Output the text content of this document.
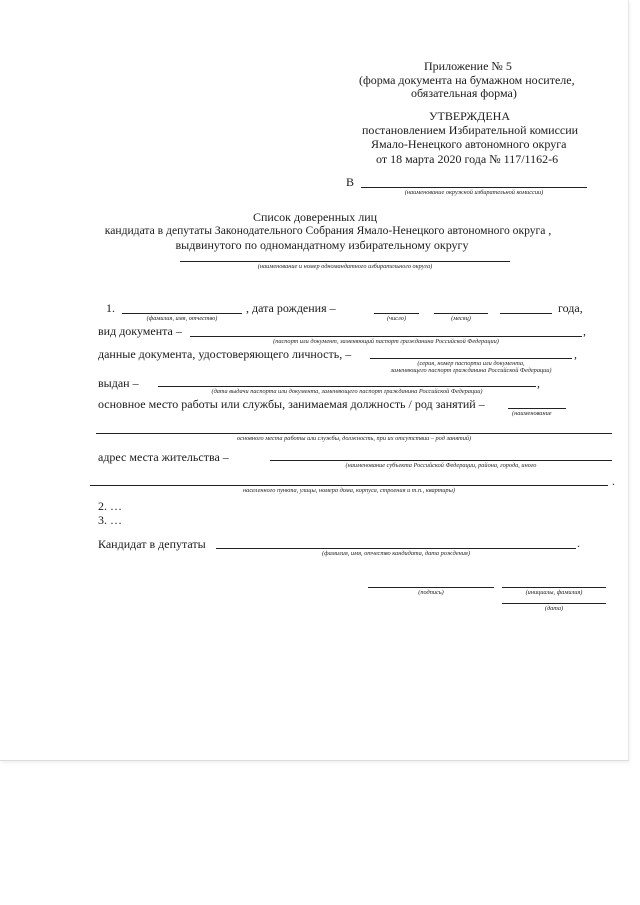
Приложение № 5
(форма документа на бумажном носителе,
обязательная форма)
УТВЕРЖДЕНА
постановлением Избирательной комиссии
Ямало-Ненецкого автономного округа
от 18 марта 2020 года № 117/1162-6
В
(наименование окружной избирательной комиссии)
Список доверенных лиц
кандидата в депутаты Законодательного Собрания Ямало-Ненецкого автономного округа ,
выдвинутого по одномандатному избирательному округу
(наименование и номер одномандатного избирательного округа)
1.	, дата рождения –	года,
(фамилия, имя, отчество)	(число)	(месяц)
вид документа –	,
(паспорт или документ, заменяющий паспорт гражданина Российской Федерации)
данные документа, удостоверяющего личность, –	,
(серия, номер паспорта или документа,
заменяющего паспорт гражданина Российской Федерации)
выдан –	,
(дата выдачи паспорта или документа, заменяющего паспорт гражданина Российской Федерации)
основное место работы или службы, занимаемая должность / род занятий –
(наименование
основного места работы или службы, должность, при их отсутствии – род занятий)
адрес места жительства –
(наименование субъекта Российской Федерации, района, города, иного
.
населенного пункта, улицы, номера дома, корпуса, строения и т.п., квартиры)
2. …
3. …
Кандидат в депутаты	.
(фамилия, имя, отчество кандидата, дата рождения)
(подпись)	(инициалы, фамилия)
(дата)
